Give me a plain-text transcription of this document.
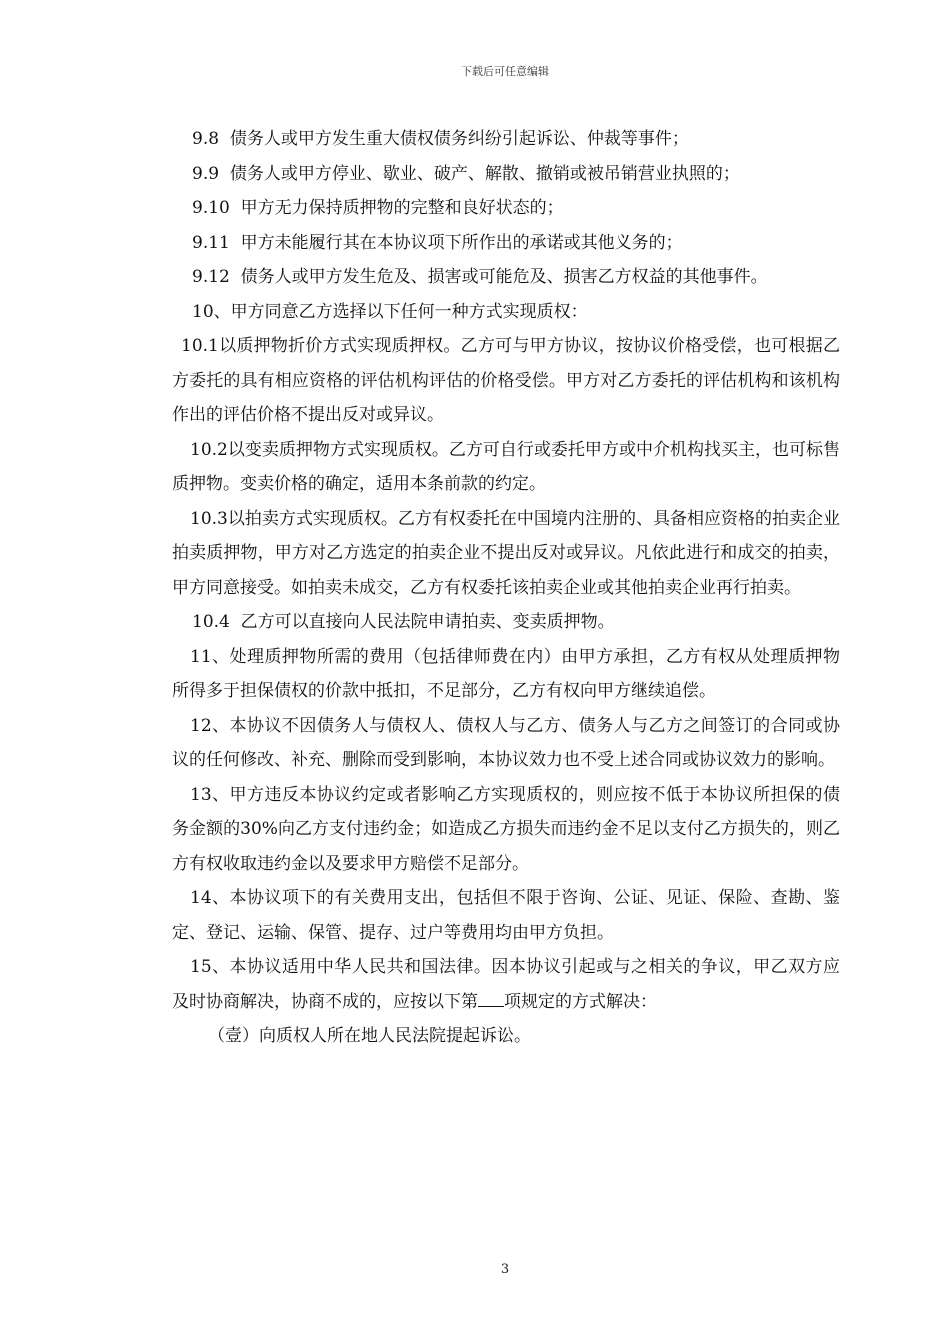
下载后可任意编辑

9.8  债务人或甲方发生重大债权债务纠纷引起诉讼、仲裁等事件；

9.9  债务人或甲方停业、歇业、破产、解散、撤销或被吊销营业执照的；

9.10  甲方无力保持质押物的完整和良好状态的；

9.11  甲方未能履行其在本协议项下所作出的承诺或其他义务的；

9.12  债务人或甲方发生危及、损害或可能危及、损害乙方权益的其他事件。

10、甲方同意乙方选择以下任何一种方式实现质权：

10.1以质押物折价方式实现质押权。乙方可与甲方协议，按协议价格受偿，也可根据乙方委托的具有相应资格的评估机构评估的价格受偿。甲方对乙方委托的评估机构和该机构作出的评估价格不提出反对或异议。

10.2以变卖质押物方式实现质权。乙方可自行或委托甲方或中介机构找买主，也可标售质押物。变卖价格的确定，适用本条前款的约定。

10.3以拍卖方式实现质权。乙方有权委托在中国境内注册的、具备相应资格的拍卖企业拍卖质押物，甲方对乙方选定的拍卖企业不提出反对或异议。凡依此进行和成交的拍卖，甲方同意接受。如拍卖未成交，乙方有权委托该拍卖企业或其他拍卖企业再行拍卖。

10.4  乙方可以直接向人民法院申请拍卖、变卖质押物。

11、处理质押物所需的费用（包括律师费在内）由甲方承担，乙方有权从处理质押物所得多于担保债权的价款中抵扣，不足部分，乙方有权向甲方继续追偿。

12、本协议不因债务人与债权人、债权人与乙方、债务人与乙方之间签订的合同或协议的任何修改、补充、删除而受到影响，本协议效力也不受上述合同或协议效力的影响。

13、甲方违反本协议约定或者影响乙方实现质权的，则应按不低于本协议所担保的债务金额的30%向乙方支付违约金；如造成乙方损失而违约金不足以支付乙方损失的，则乙方有权收取违约金以及要求甲方赔偿不足部分。

14、本协议项下的有关费用支出，包括但不限于咨询、公证、见证、保险、查勘、鉴定、登记、运输、保管、提存、过户等费用均由甲方负担。

15、本协议适用中华人民共和国法律。因本协议引起或与之相关的争议，甲乙双方应及时协商解决，协商不成的，应按以下第 项规定的方式解决：

（壹）向质权人所在地人民法院提起诉讼。

3
